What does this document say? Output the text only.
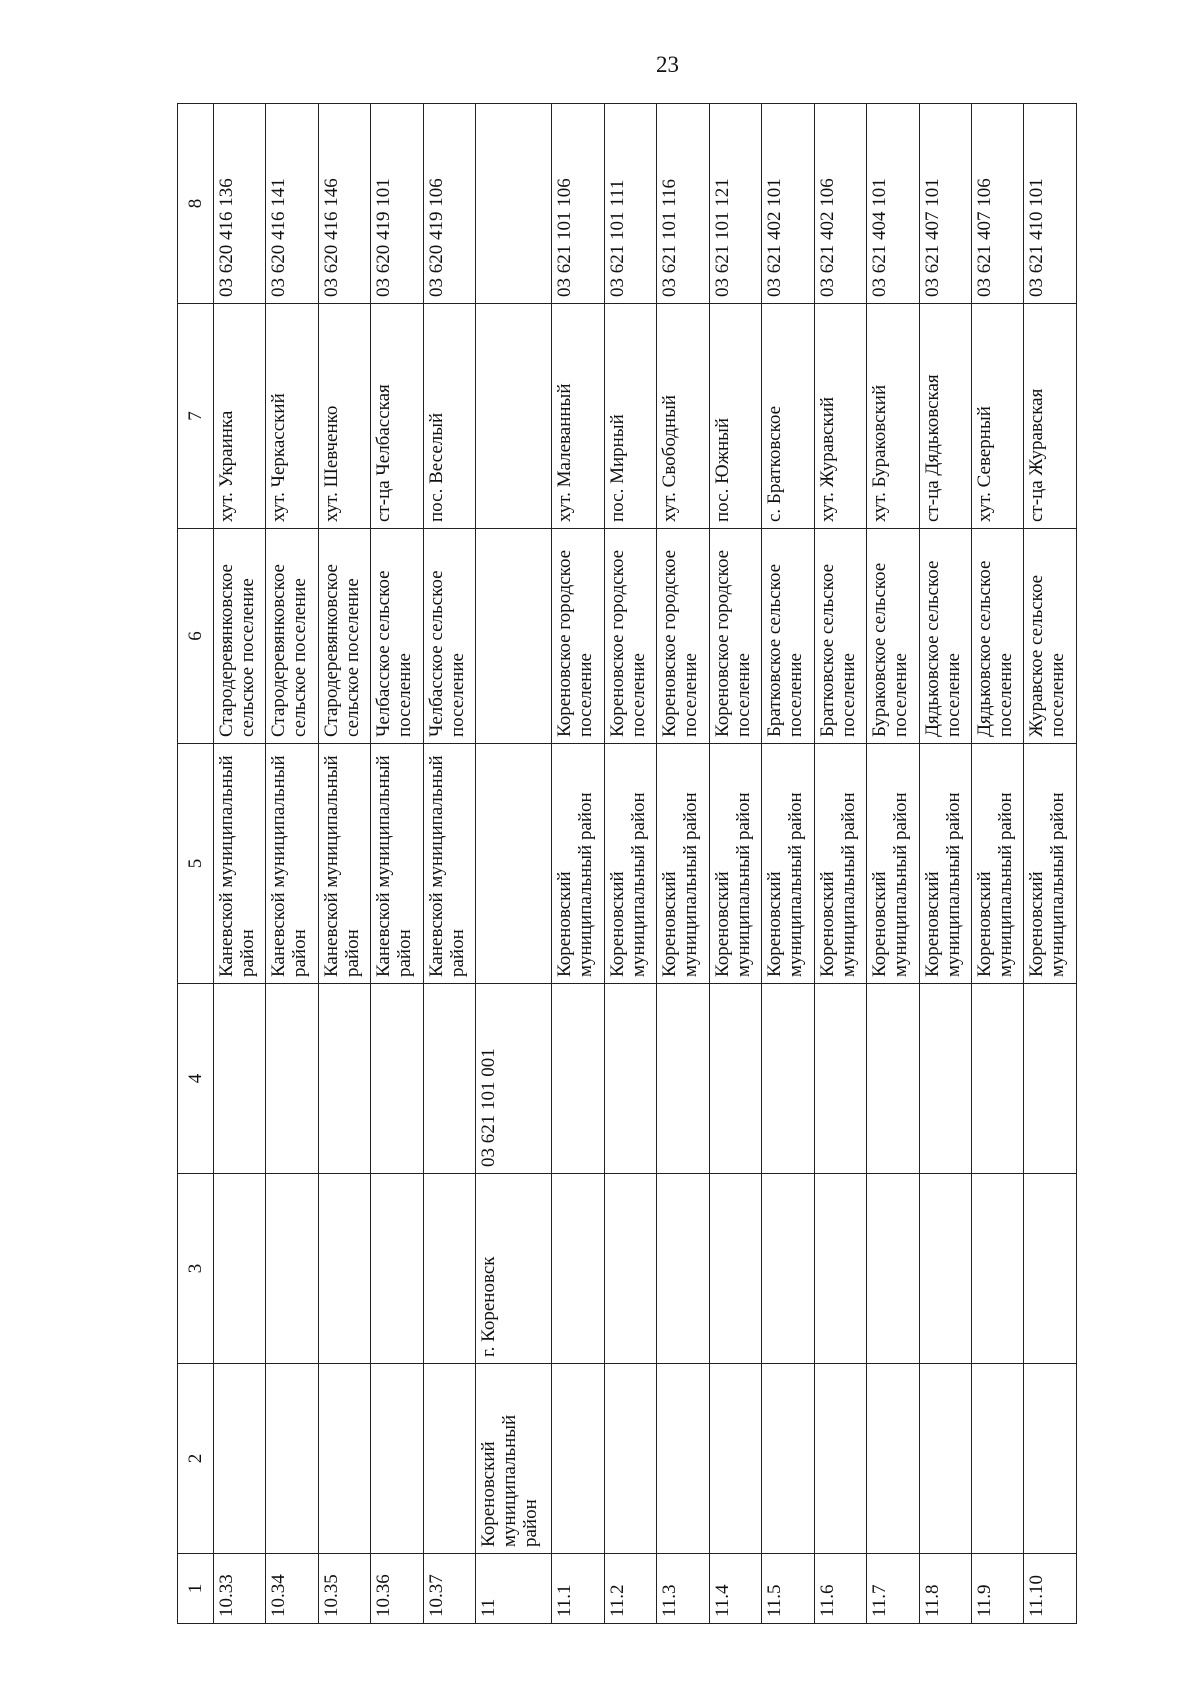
23
1	2	3	4	5	6	7	8
10.33				Каневской муниципальный район	Стародеревянковское сельское поселение	хут. Украинка	03 620 416 136
10.34				Каневской муниципальный район	Стародеревянковское сельское поселение	хут. Черкасский	03 620 416 141
10.35				Каневской муниципальный район	Стародеревянковское сельское поселение	хут. Шевченко	03 620 416 146
10.36				Каневской муниципальный район	Челбасское сельское поселение	ст-ца Челбасская	03 620 419 101
10.37				Каневской муниципальный район	Челбасское сельское поселение	пос. Веселый	03 620 419 106
11	Кореновский муниципальный район	г. Кореновск	03 621 101 001				
11.1				Кореновский муниципальный район	Кореновское городское поселение	хут. Малеванный	03 621 101 106
11.2				Кореновский муниципальный район	Кореновское городское поселение	пос. Мирный	03 621 101 111
11.3				Кореновский муниципальный район	Кореновское городское поселение	хут. Свободный	03 621 101 116
11.4				Кореновский муниципальный район	Кореновское городское поселение	пос. Южный	03 621 101 121
11.5				Кореновский муниципальный район	Братковское сельское поселение	с. Братковское	03 621 402 101
11.6				Кореновский муниципальный район	Братковское сельское поселение	хут. Журавский	03 621 402 106
11.7				Кореновский муниципальный район	Бураковское сельское поселение	хут. Бураковский	03 621 404 101
11.8				Кореновский муниципальный район	Дядьковское сельское поселение	ст-ца Дядьковская	03 621 407 101
11.9				Кореновский муниципальный район	Дядьковское сельское поселение	хут. Северный	03 621 407 106
11.10				Кореновский муниципальный район	Журавское сельское поселение	ст-ца Журавская	03 621 410 101
